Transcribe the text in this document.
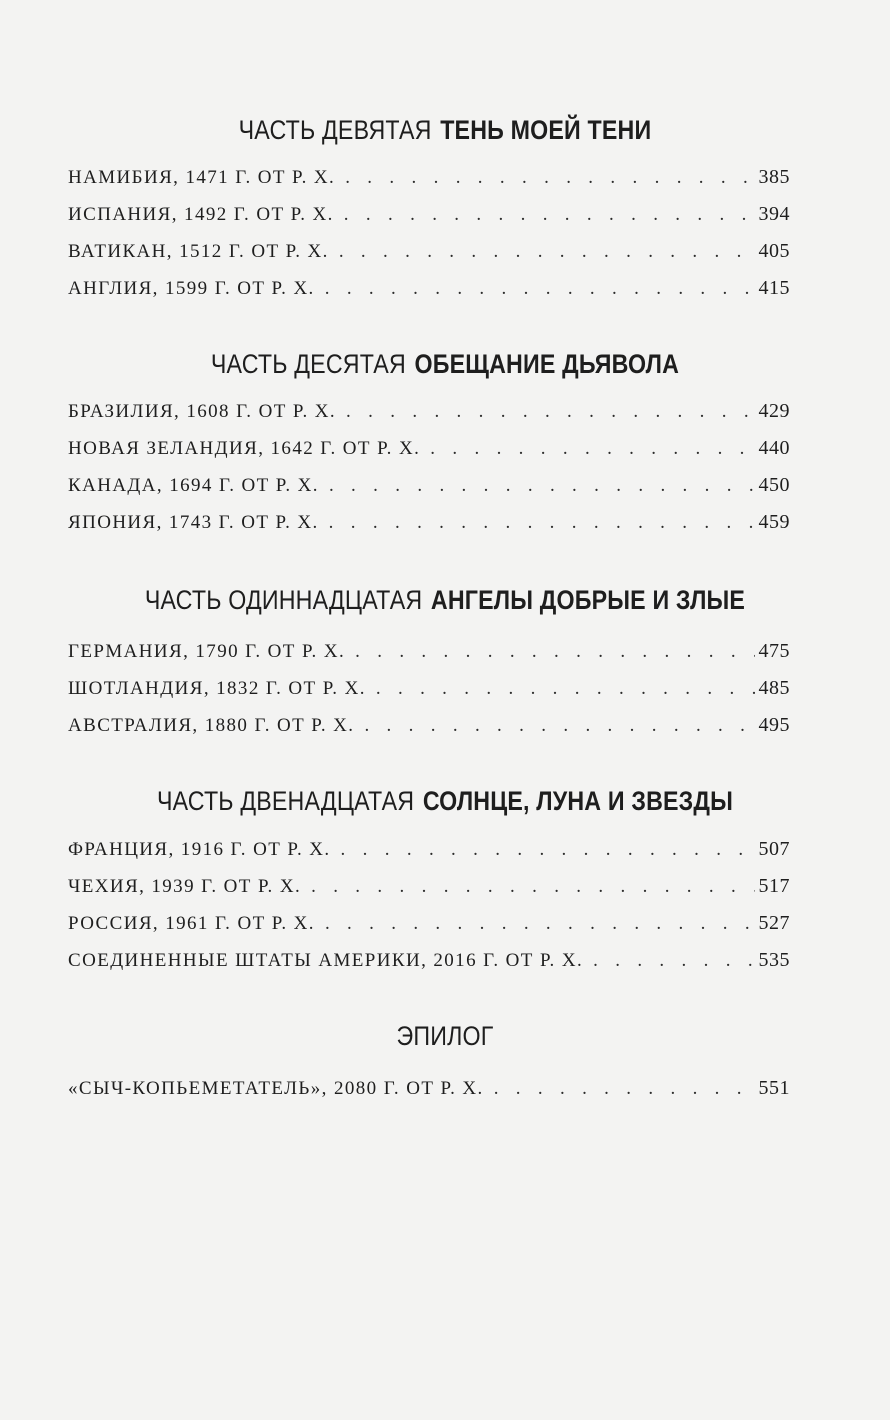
ЧАСТЬ ДЕВЯТАЯ ТЕНЬ МОЕЙ ТЕНИ
НАМИБИЯ, 1471 Г. ОТ Р. Х. . . .	385
ИСПАНИЯ, 1492 Г. ОТ Р. Х. . . .	394
ВАТИКАН, 1512 Г. ОТ Р. Х. . . .	405
АНГЛИЯ, 1599 Г. ОТ Р. Х. . . .	415
ЧАСТЬ ДЕСЯТАЯ ОБЕЩАНИЕ ДЬЯВОЛА
БРАЗИЛИЯ, 1608 Г. ОТ Р. Х. . . .	429
НОВАЯ ЗЕЛАНДИЯ, 1642 Г. ОТ Р. Х. . . .	440
КАНАДА, 1694 Г. ОТ Р. Х. . . .	450
ЯПОНИЯ, 1743 Г. ОТ Р. Х. . . .	459
ЧАСТЬ ОДИННАДЦАТАЯ АНГЕЛЫ ДОБРЫЕ И ЗЛЫЕ
ГЕРМАНИЯ, 1790 Г. ОТ Р. Х. . . .	475
ШОТЛАНДИЯ, 1832 Г. ОТ Р. Х. . . .	485
АВСТРАЛИЯ, 1880 Г. ОТ Р. Х. . . .	495
ЧАСТЬ ДВЕНАДЦАТАЯ СОЛНЦЕ, ЛУНА И ЗВЕЗДЫ
ФРАНЦИЯ, 1916 Г. ОТ Р. Х. . . .	507
ЧЕХИЯ, 1939 Г. ОТ Р. Х. . . .	517
РОССИЯ, 1961 Г. ОТ Р. Х. . . .	527
СОЕДИНЕННЫЕ ШТАТЫ АМЕРИКИ, 2016 Г. ОТ Р. Х. . . .	535
ЭПИЛОГ
«СЫЧ-КОПЬЕМЕТАТЕЛЬ», 2080 Г. ОТ Р. Х. . . .	551
